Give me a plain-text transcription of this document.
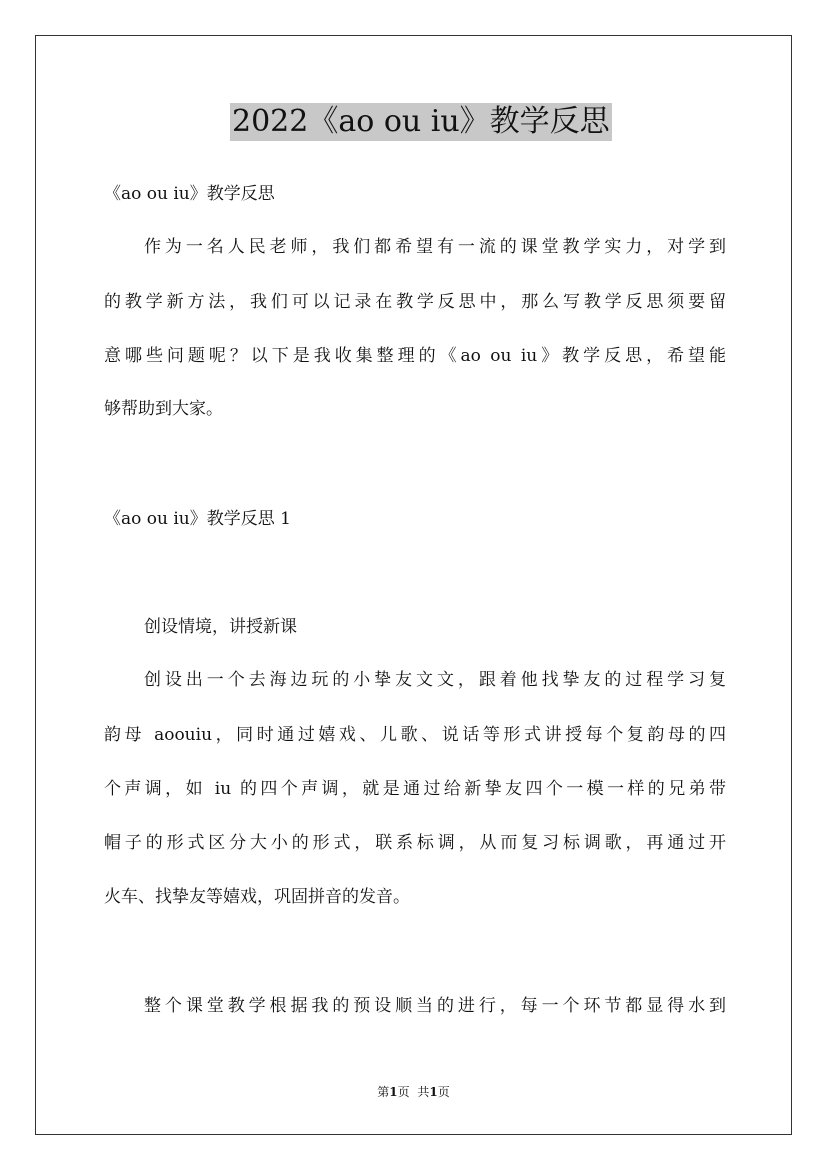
2022《ao ou iu》教学反思
《ao ou iu》教学反思
作为一名人民老师，我们都希望有一流的课堂教学实力，对学到
的教学新方法，我们可以记录在教学反思中，那么写教学反思须要留
意哪些问题呢？以下是我收集整理的《ao ou iu》教学反思，希望能
够帮助到大家。
《ao ou iu》教学反思 1
创设情境，讲授新课
创设出一个去海边玩的小挚友文文，跟着他找挚友的过程学习复
韵母 aoouiu，同时通过嬉戏、儿歌、说话等形式讲授每个复韵母的四
个声调，如 iu 的四个声调，就是通过给新挚友四个一模一样的兄弟带
帽子的形式区分大小的形式，联系标调，从而复习标调歌，再通过开
火车、找挚友等嬉戏，巩固拼音的发音。
整个课堂教学根据我的预设顺当的进行，每一个环节都显得水到
第1页 共1页
